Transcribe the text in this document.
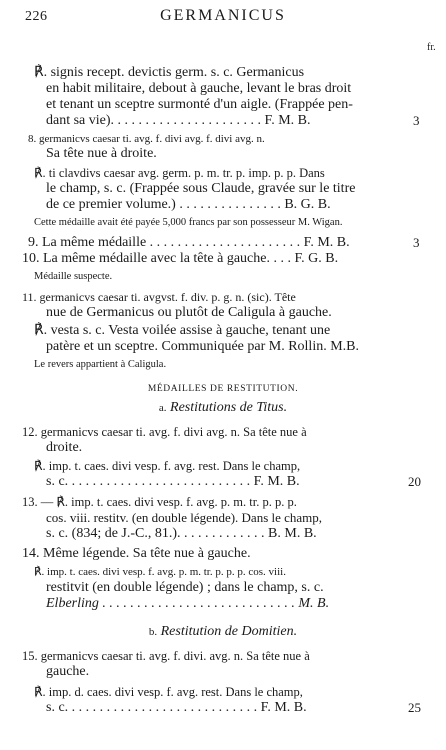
226	GERMANICUS
fr.
℟. signis recept. devictis germ. s. c. Germanicus
en habit militaire, debout à gauche, levant le bras droit
et tenant un sceptre surmonté d'un aigle. (Frappée pen-
dant sa vie). . . . . . . . . . . . . . . . . . . . . . F. M. B.	3
8. germanicvs caesar ti. avg. f. divi avg. f. divi avg. n.
Sa tête nue à droite.
℟. ti clavdivs caesar avg. germ. p. m. tr. p. imp. p. p. Dans
le champ, s. c. (Frappée sous Claude, gravée sur le titre
de ce premier volume.) . . . . . . . . . . . . . . . B. G. B.
Cette médaille avait été payée 5,000 francs par son possesseur M. Wigan.
9. La même médaille . . . . . . . . . . . . . . . . . . . . . . F. M. B.	3
10. La même médaille avec la tête à gauche. . . . F. G. B.
Médaille suspecte.
11. germanicvs caesar ti. avgvst. f. div. p. g. n. (sic). Tête
nue de Germanicus ou plutôt de Caligula à gauche.
℟. vesta s. c. Vesta voilée assise à gauche, tenant une
patère et un sceptre. Communiquée par M. Rollin. M.B.
Le revers appartient à Caligula.
MÉDAILLES DE RESTITUTION.
a. Restitutions de Titus.
12. germanicvs caesar ti. avg. f. divi avg. n. Sa tête nue à
droite.
℟. imp. t. caes. divi vesp. f. avg. rest. Dans le champ,
s. c. . . . . . . . . . . . . . . . . . . . . . . . . . . F. M. B.	20
13. — ℟. imp. t. caes. divi vesp. f. avg. p. m. tr. p. p. p.
cos. viii. restitv. (en double légende). Dans le champ,
s. c. (834; de J.-C., 81.). . . . . . . . . . . . . B. M. B.
14. Même légende. Sa tête nue à gauche.
℟. imp. t. caes. divi vesp. f. avg. p. m. tr. p. p. p. cos. viii.
restitvit (en double légende) ; dans le champ, s. c.
Elberling . . . . . . . . . . . . . . . . . . . . . . . . . . . . M. B.
b. Restitution de Domitien.
15. germanicvs caesar ti. avg. f. divi. avg. n. Sa tête nue à
gauche.
℟. imp. d. caes. divi vesp. f. avg. rest. Dans le champ,
s. c. . . . . . . . . . . . . . . . . . . . . . . . . . . . F. M. B.	25
